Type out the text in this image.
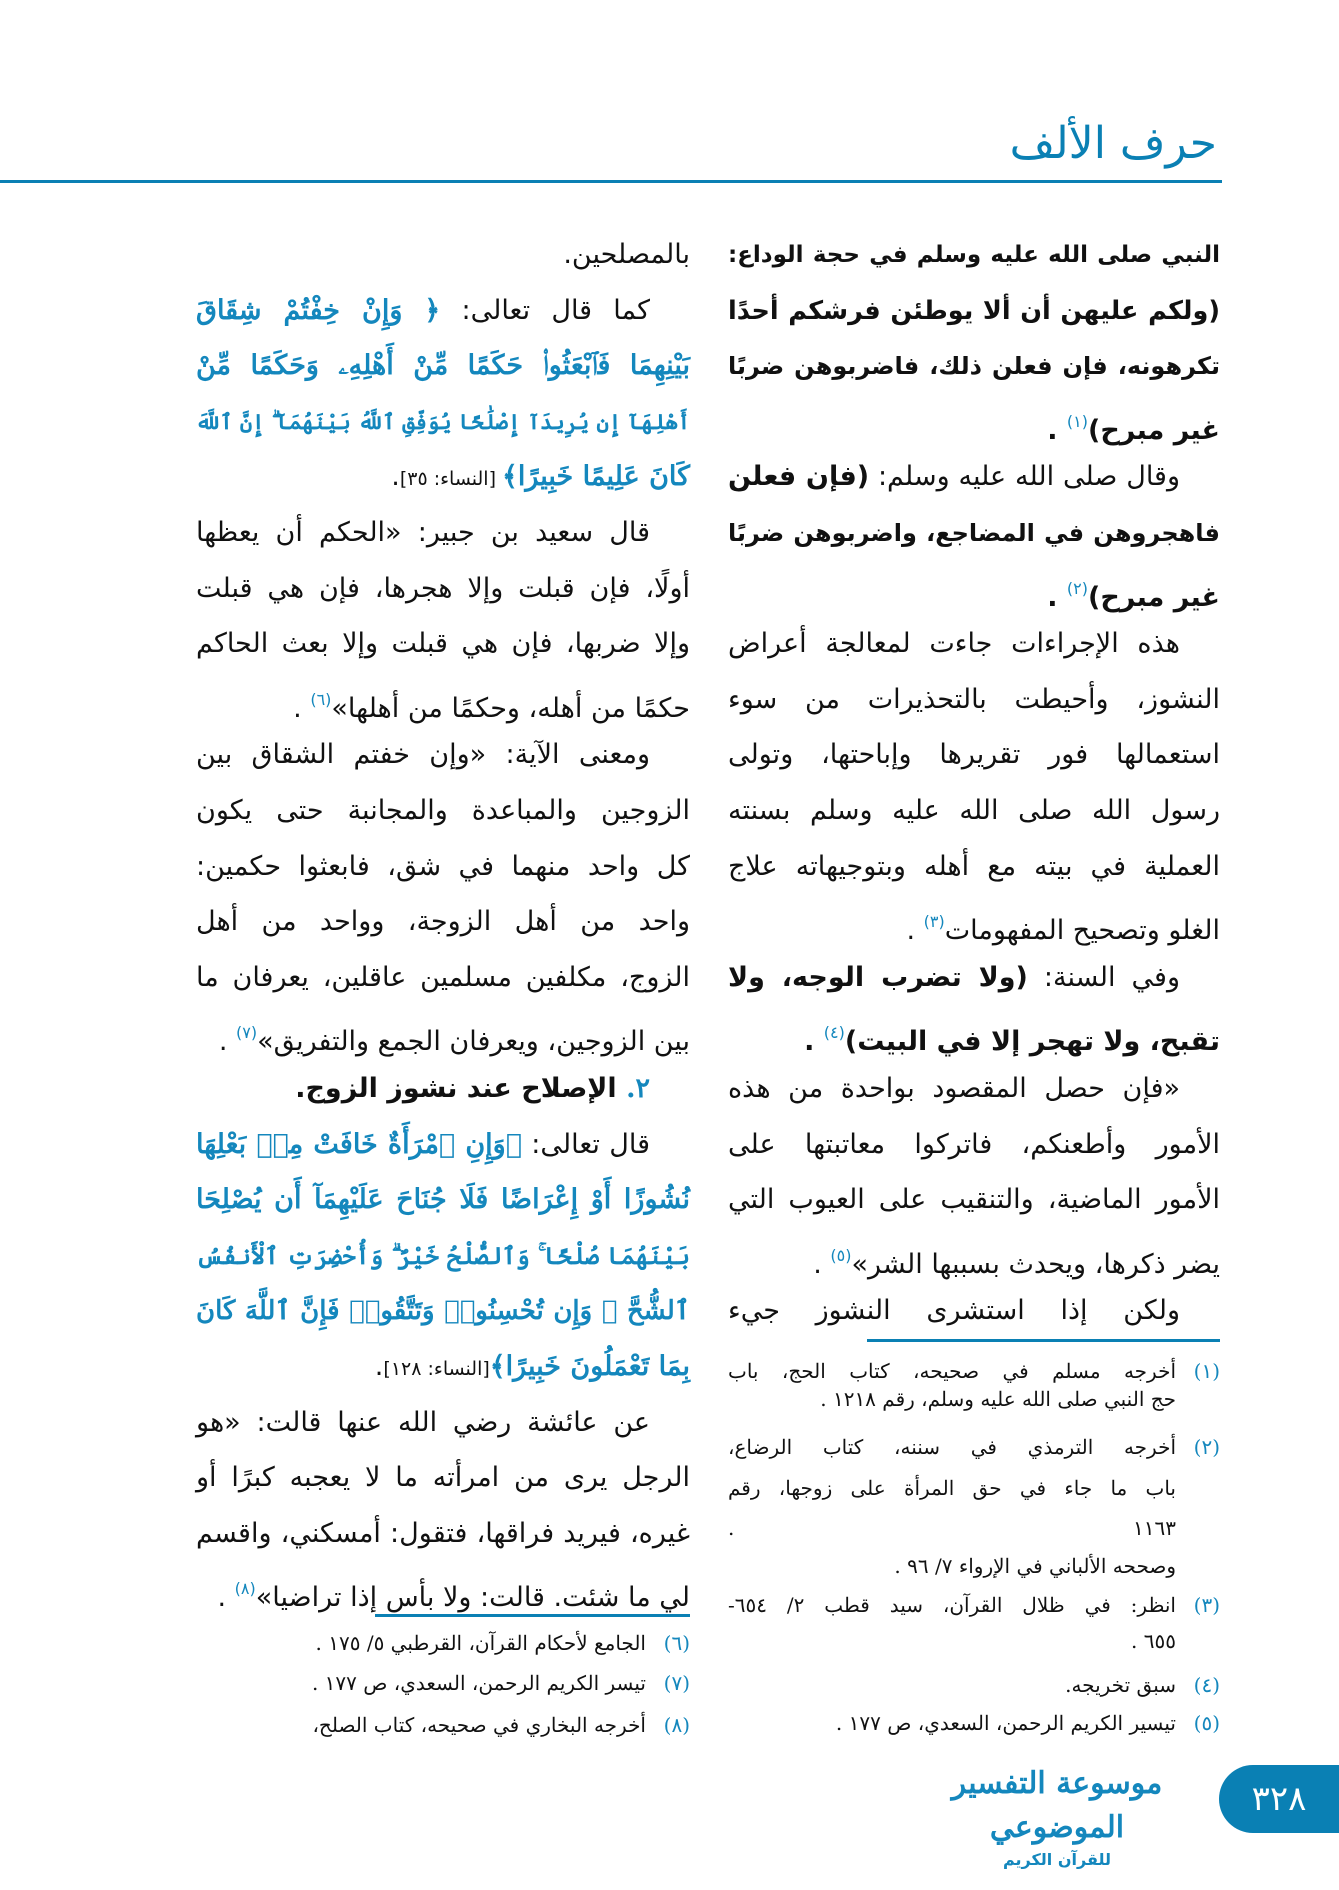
حرف الألف
النبي صلى الله عليه وسلم في حجة الوداع:
(ولكم عليهن أن ألا يوطئن فرشكم أحدًا
تكرهونه، فإن فعلن ذلك، فاضربوهن ضربًا
غير مبرح)$^{(١)}$ .
وقال صلى الله عليه وسلم: (فإن فعلن
فاهجروهن في المضاجع، واضربوهن ضربًا
غير مبرح)$^{(٢)}$ .
هذه الإجراءات جاءت لمعالجة أعراض
النشوز، وأحيطت بالتحذيرات من سوء
استعمالها فور تقريرها وإباحتها، وتولى
رسول الله صلى الله عليه وسلم بسنته
العملية في بيته مع أهله وبتوجيهاته علاج
الغلو وتصحيح المفهومات$^{(٣)}$ .
وفي السنة: (ولا تضرب الوجه، ولا
تقبح، ولا تهجر إلا في البيت)$^{(٤)}$ .
«فإن حصل المقصود بواحدة من هذه
الأمور وأطعنكم، فاتركوا معاتبتها على
الأمور الماضية، والتنقيب على العيوب التي
يضر ذكرها، ويحدث بسببها الشر»$^{(٥)}$ .
ولكن إذا استشرى النشوز جيء
بالمصلحين.
كما قال تعالى: ﴿ وَإِنْ خِفْتُمْ شِقَاقَ
بَيْنِهِمَا فَٱبْعَثُوا۟ حَكَمًا مِّنْ أَهْلِهِۦ وَحَكَمًا مِّنْ
أَهْلِهَآ إِن يُرِيدَآ إِصْلَٰحًا يُوَفِّقِ ٱللَّهُ بَيْنَهُمَآ ۗ إِنَّ ٱللَّهَ
كَانَ عَلِيمًا خَبِيرًا﴾ [النساء: ٣٥].
قال سعيد بن جبير: «الحكم أن يعظها
أولًا، فإن قبلت وإلا هجرها، فإن هي قبلت
وإلا ضربها، فإن هي قبلت وإلا بعث الحاكم
حكمًا من أهله، وحكمًا من أهلها»$^{(٦)}$ .
ومعنى الآية: «وإن خفتم الشقاق بين
الزوجين والمباعدة والمجانبة حتى يكون
كل واحد منهما في شق، فابعثوا حكمين:
واحد من أهل الزوجة، وواحد من أهل
الزوج، مكلفين مسلمين عاقلين، يعرفان ما
بين الزوجين، ويعرفان الجمع والتفريق»$^{(٧)}$ .
٢. الإصلاح عند نشوز الزوج.
قال تعالى: ﴿وَإِنِ ٱمْرَأَةٌ خَافَتْ مِنۢ بَعْلِهَا
نُشُوزًا أَوْ إِعْرَاضًا فَلَا جُنَاحَ عَلَيْهِمَآ أَن يُصْلِحَا
بَيْنَهُمَا صُلْحًا ۚ وَٱلصُّلْحُ خَيْرٌ ۗ وَأُحْضِرَتِ ٱلْأَنفُسُ
ٱلشُّحَّ ۚ وَإِن تُحْسِنُوا۟ وَتَتَّقُوا۟ فَإِنَّ ٱللَّهَ كَانَ
بِمَا تَعْمَلُونَ خَبِيرًا﴾[النساء: ١٢٨].
عن عائشة رضي الله عنها قالت: «هو
الرجل يرى من امرأته ما لا يعجبه كبرًا أو
غيره، فيريد فراقها، فتقول: أمسكني، واقسم
لي ما شئت. قالت: ولا بأس إذا تراضيا»$^{(٨)}$ .
موسوعة التفسير الموضوعي
للقرآن الكريم
٣٢٨
(١)
أخرجه مسلم في صحيحه، كتاب الحج، باب
حج النبي صلى الله عليه وسلم، رقم ١٢١٨ .
(٢)
أخرجه الترمذي في سننه، كتاب الرضاع،
باب ما جاء في حق المرأة على زوجها، رقم
١١٦٣ .
وصححه الألباني في الإرواء ٧/ ٩٦ .
(٣)
انظر: في ظلال القرآن، سيد قطب ٢/ ٦٥٤-
٦٥٥ .
(٤)
سبق تخريجه.
(٥)
تيسير الكريم الرحمن، السعدي، ص ١٧٧ .
(٦)
الجامع لأحكام القرآن، القرطبي ٥/ ١٧٥ .
(٧)
تيسر الكريم الرحمن، السعدي، ص ١٧٧ .
(٨)
أخرجه البخاري في صحيحه، كتاب الصلح،
